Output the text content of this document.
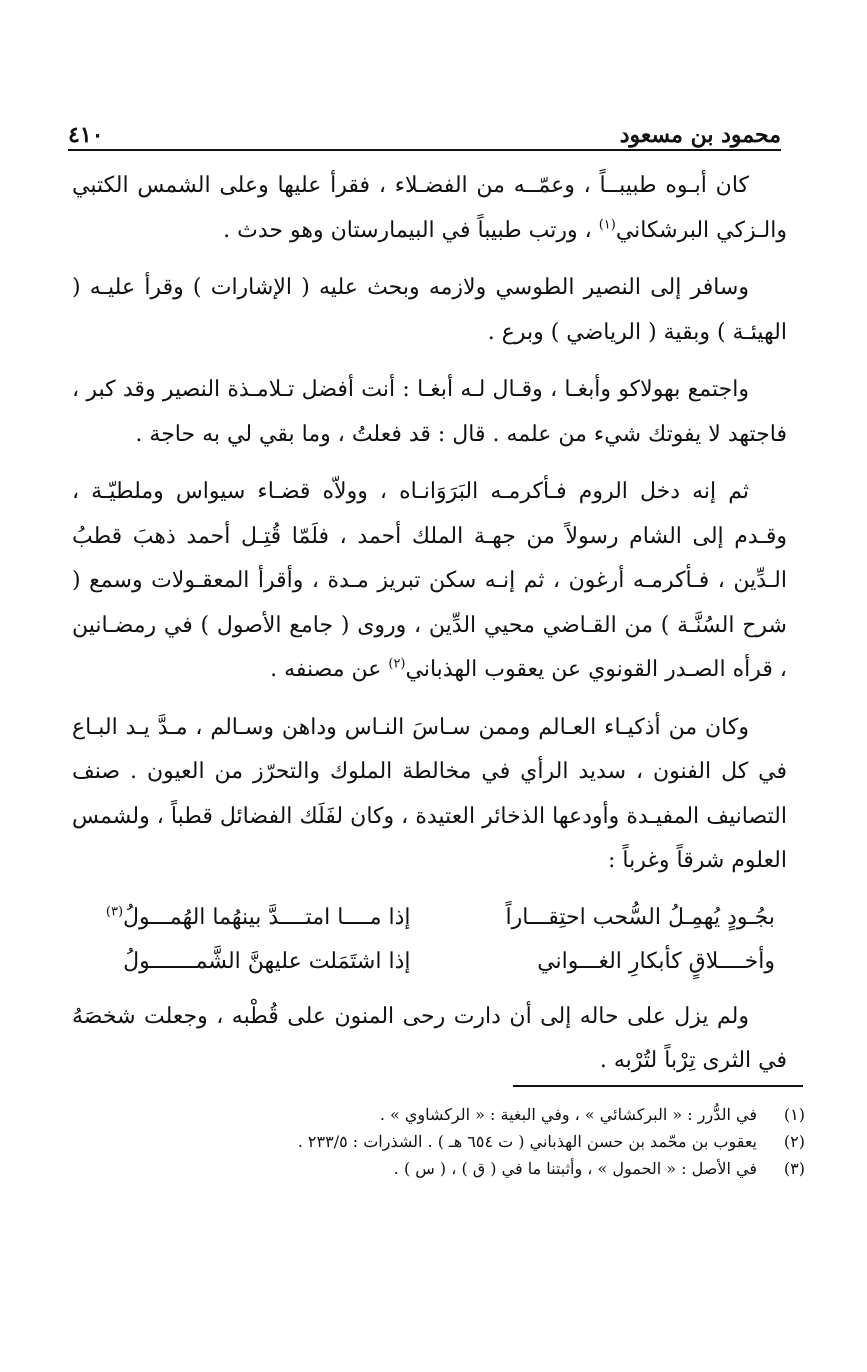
محمود بن مسعود
٤١٠

كان أبـوه طبيبــاً ، وعمّــه من الفضـلاء ، فقرأ عليها وعلى الشمس الكتبي والـزكي البرشكاني$^{(١)}$ ، ورتب طبيباً في البيمارستان وهو حدث .

وسافر إلى النصير الطوسي ولازمه وبحث عليه ( الإشارات ) وقرأ عليـه ( الهيئـة ) وبقية ( الرياضي ) وبرع .

واجتمع بهولاكو وأبغـا ، وقـال لـه أبغـا : أنت أفضل تـلامـذة النصير وقد كبر ، فاجتهد لا يفوتك شيء من علمه . قال : قد فعلتُ ، وما بقي لي به حاجة .

ثم إنه دخل الروم فـأكرمـه البَرَوَانـاه ، وولاّه قضـاء سيواس وملطيّـة ، وقـدم إلى الشام رسولاً من جهـة الملك أحمد ، فلَمّا قُتِـل أحمد ذهبَ قطبُ الـدِّين ، فـأكرمـه أرغون ، ثم إنـه سكن تبريز مـدة ، وأقرأ المعقـولات وسمع ( شرح السُنَّـة ) من القـاضي محيي الدِّين ، وروى ( جامع الأصول ) في رمضـانين ، قرأه الصـدر القونوي عن يعقوب الهذباني$^{(٢)}$ عن مصنفه .

وكان من أذكيـاء العـالم وممن سـاسَ النـاس وداهن وسـالم ، مـدَّ يـد البـاع في كل الفنون ، سديد الرأي في مخالطة الملوك والتحرّز من العيون . صنف التصانيف المفيـدة وأودعها الذخائر العتيدة ، وكان لفَلَك الفضائل قطباً ، ولشمس العلوم شرقاً وغرباً :

بجُـودٍ يُهمِـلُ السُّحب احتِقـــاراً
إذا مــــا امتــــدَّ بينهُما الهُمـــولُ$^{(٣)}$
وأخــــلاقٍ كأبكارِ الغـــواني
إذا اشتَمَلت عليهنَّ الشَّمـــــــولُ

ولم يزل على حاله إلى أن دارت رحى المنون على قُطْبه ، وجعلت شخصَهُ في الثرى تِرْباً لتُرْبه .

(١)
في الدُّرر : « البركشائي » ، وفي البغية : « الركشاوي » .
(٢)
يعقوب بن محّمد بن حسن الهذباني ( ت ٦٥٤ هـ ) . الشذرات : ٢٣٣/٥ .
(٣)
في الأصل : « الحمول » ، وأثبتنا ما في ( ق ) ، ( س ) .
